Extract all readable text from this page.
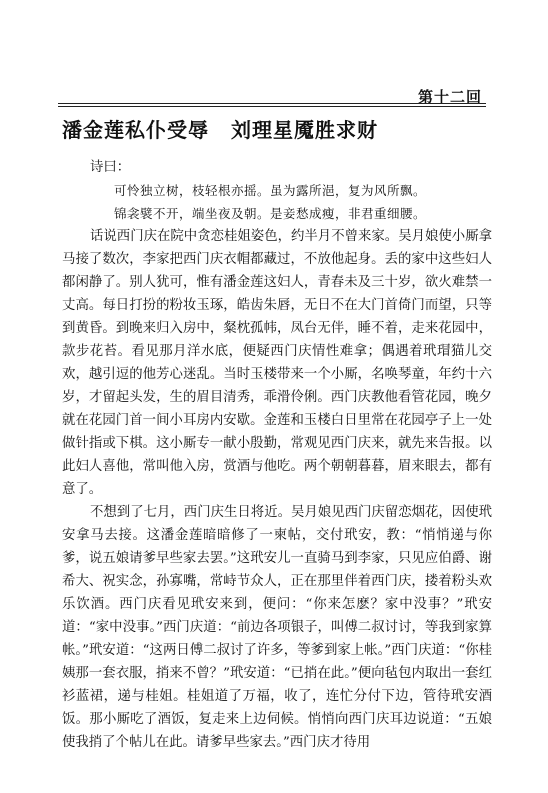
第十二回
潘金莲私仆受辱 刘理星魇胜求财

诗曰：

可怜独立树，枝轻根亦摇。虽为露所浥，复为风所飘。

锦衾襞不开，端坐夜及朝。是妾愁成瘦，非君重细腰。

话说西门庆在院中贪恋桂姐姿色，约半月不曾来家。吴月娘使小厮拿马接了数次，李家把西门庆衣帽都藏过，不放他起身。丢的家中这些妇人都闲静了。别人犹可，惟有潘金莲这妇人，青春未及三十岁，欲火难禁一丈高。每日打扮的粉妆玉琢，皓齿朱唇，无日不在大门首倚门而望，只等到黄昏。到晚来归入房中，粲枕孤帏，凤台无伴，睡不着，走来花园中，款步花苔。看见那月洋水底，便疑西门庆情性难拿；偶遇着玳瑁猫儿交欢，越引逗的他芳心迷乱。当时玉楼带来一个小厮，名唤琴童，年约十六岁，才留起头发，生的眉目清秀，乖滑伶俐。西门庆教他看管花园，晚夕就在花园门首一间小耳房内安歇。金莲和玉楼白日里常在花园亭子上一处做针指或下棋。这小厮专一献小殷勤，常观见西门庆来，就先来告报。以此妇人喜他，常叫他入房，赏酒与他吃。两个朝朝暮暮，眉来眼去，都有意了。

不想到了七月，西门庆生日将近。吴月娘见西门庆留恋烟花，因使玳安拿马去接。这潘金莲暗暗修了一柬帖，交付玳安，教：“悄悄递与你爹，说五娘请爹早些家去罢。”这玳安儿一直骑马到李家，只见应伯爵、谢希大、祝实念，孙寡嘴，常峙节众人，正在那里伴着西门庆，搂着粉头欢乐饮酒。西门庆看见玳安来到，便问：“你来怎麽？家中没事？”玳安道：“家中没事。”西门庆道：“前边各项银子，叫傅二叔讨讨，等我到家算帐。”玳安道：“这两日傅二叔讨了许多，等爹到家上帐。”西门庆道：“你桂姨那一套衣服，捎来不曾？”玳安道：“已捎在此。”便向毡包内取出一套红衫蓝裙，递与桂姐。桂姐道了万福，收了，连忙分付下边，管待玳安酒饭。那小厮吃了酒饭，复走来上边伺候。悄悄向西门庆耳边说道：“五娘使我捎了个帖儿在此。请爹早些家去。”西门庆才待用
